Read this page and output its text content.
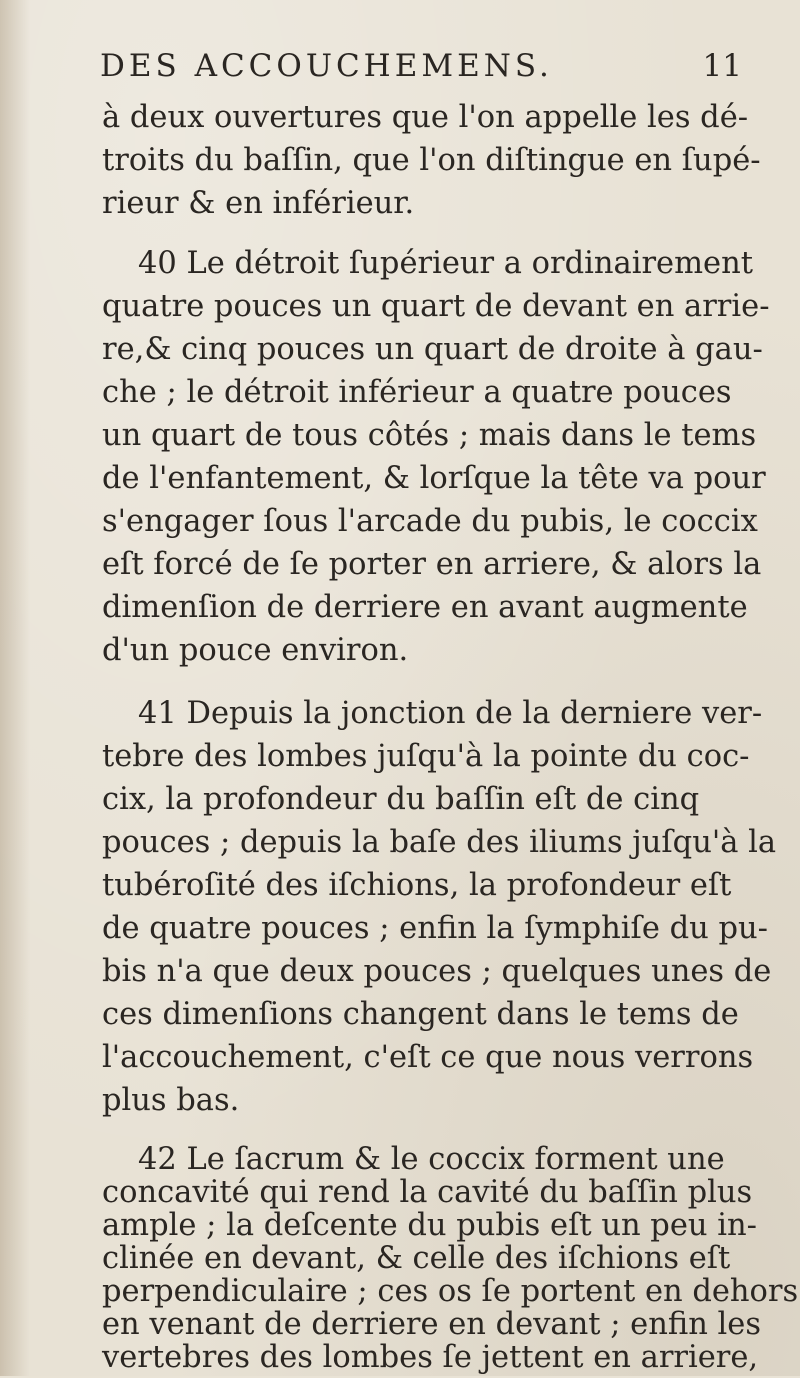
DES ACCOUCHEMENS.	11
à deux ouvertures que l'on appelle les dé-
troits du baſſin, que l'on diſtingue en ſupé-
rieur & en inférieur.
40 Le détroit ſupérieur a ordinairement
quatre pouces un quart de devant en arrie-
re,& cinq pouces un quart de droite à gau-
che ; le détroit inférieur a quatre pouces
un quart de tous côtés ; mais dans le tems
de l'enfantement, & lorſque la tête va pour
s'engager ſous l'arcade du pubis, le coccix
eſt forcé de ſe porter en arriere, & alors la
dimenſion de derriere en avant augmente
d'un pouce environ.
41 Depuis la jonction de la derniere ver-
tebre des lombes juſqu'à la pointe du coc-
cix, la profondeur du baſſin eſt de cinq
pouces ; depuis la baſe des iliums juſqu'à la
tubéroſité des iſchions, la profondeur eſt
de quatre pouces ; enfin la ſymphiſe du pu-
bis n'a que deux pouces ; quelques unes de
ces dimenſions changent dans le tems de
l'accouchement, c'eſt ce que nous verrons
plus bas.
42 Le ſacrum & le coccix forment une
concavité qui rend la cavité du baſſin plus
ample ; la deſcente du pubis eſt un peu in-
clinée en devant, & celle des iſchions eſt
perpendiculaire ; ces os ſe portent en dehors
en venant de derriere en devant ; enfin les
vertebres des lombes ſe jettent en arriere,
